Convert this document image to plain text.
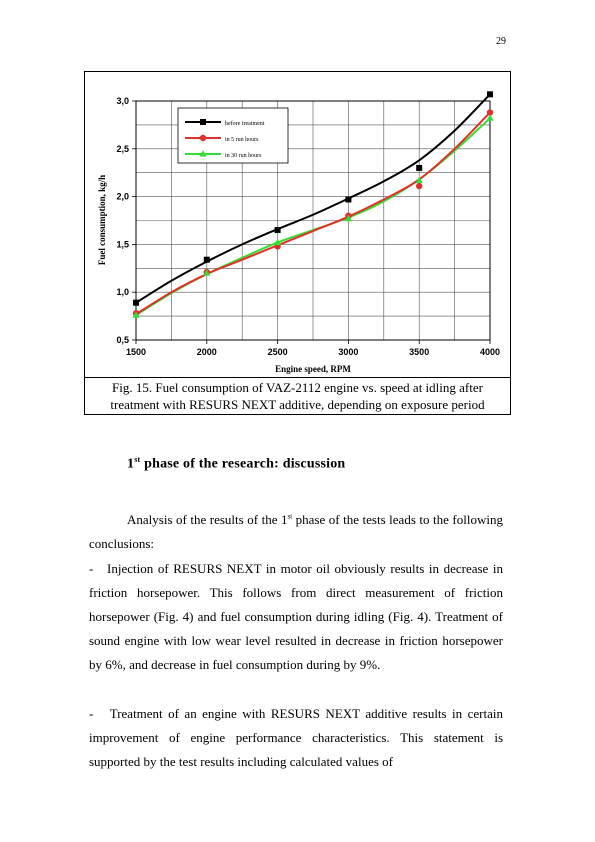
29
1500	2000	2500	3000	3500	4000
0,5
1,0
1,5
2,0
2,5
3,0
before treatment
in 5 run hours
in 30 run hours
Engine speed, RPM
Fuel consumption, kg/h
Fig. 15. Fuel consumption of VAZ-2112 engine vs. speed at idling after
treatment with RESURS NEXT additive, depending on exposure period
1st phase of the research: discussion
Analysis of the results of the 1st phase of the tests leads to the following conclusions:
-   Injection of RESURS NEXT in motor oil obviously results in decrease in friction horsepower. This follows from direct measurement of friction horsepower (Fig. 4) and fuel consumption during idling (Fig. 4). Treatment of sound engine with low wear level resulted in decrease in friction horsepower by 6%, and decrease in fuel consumption during by 9%.
-   Treatment of an engine with RESURS NEXT additive results in certain improvement of engine performance characteristics. This statement is supported by the test results including calculated values of
